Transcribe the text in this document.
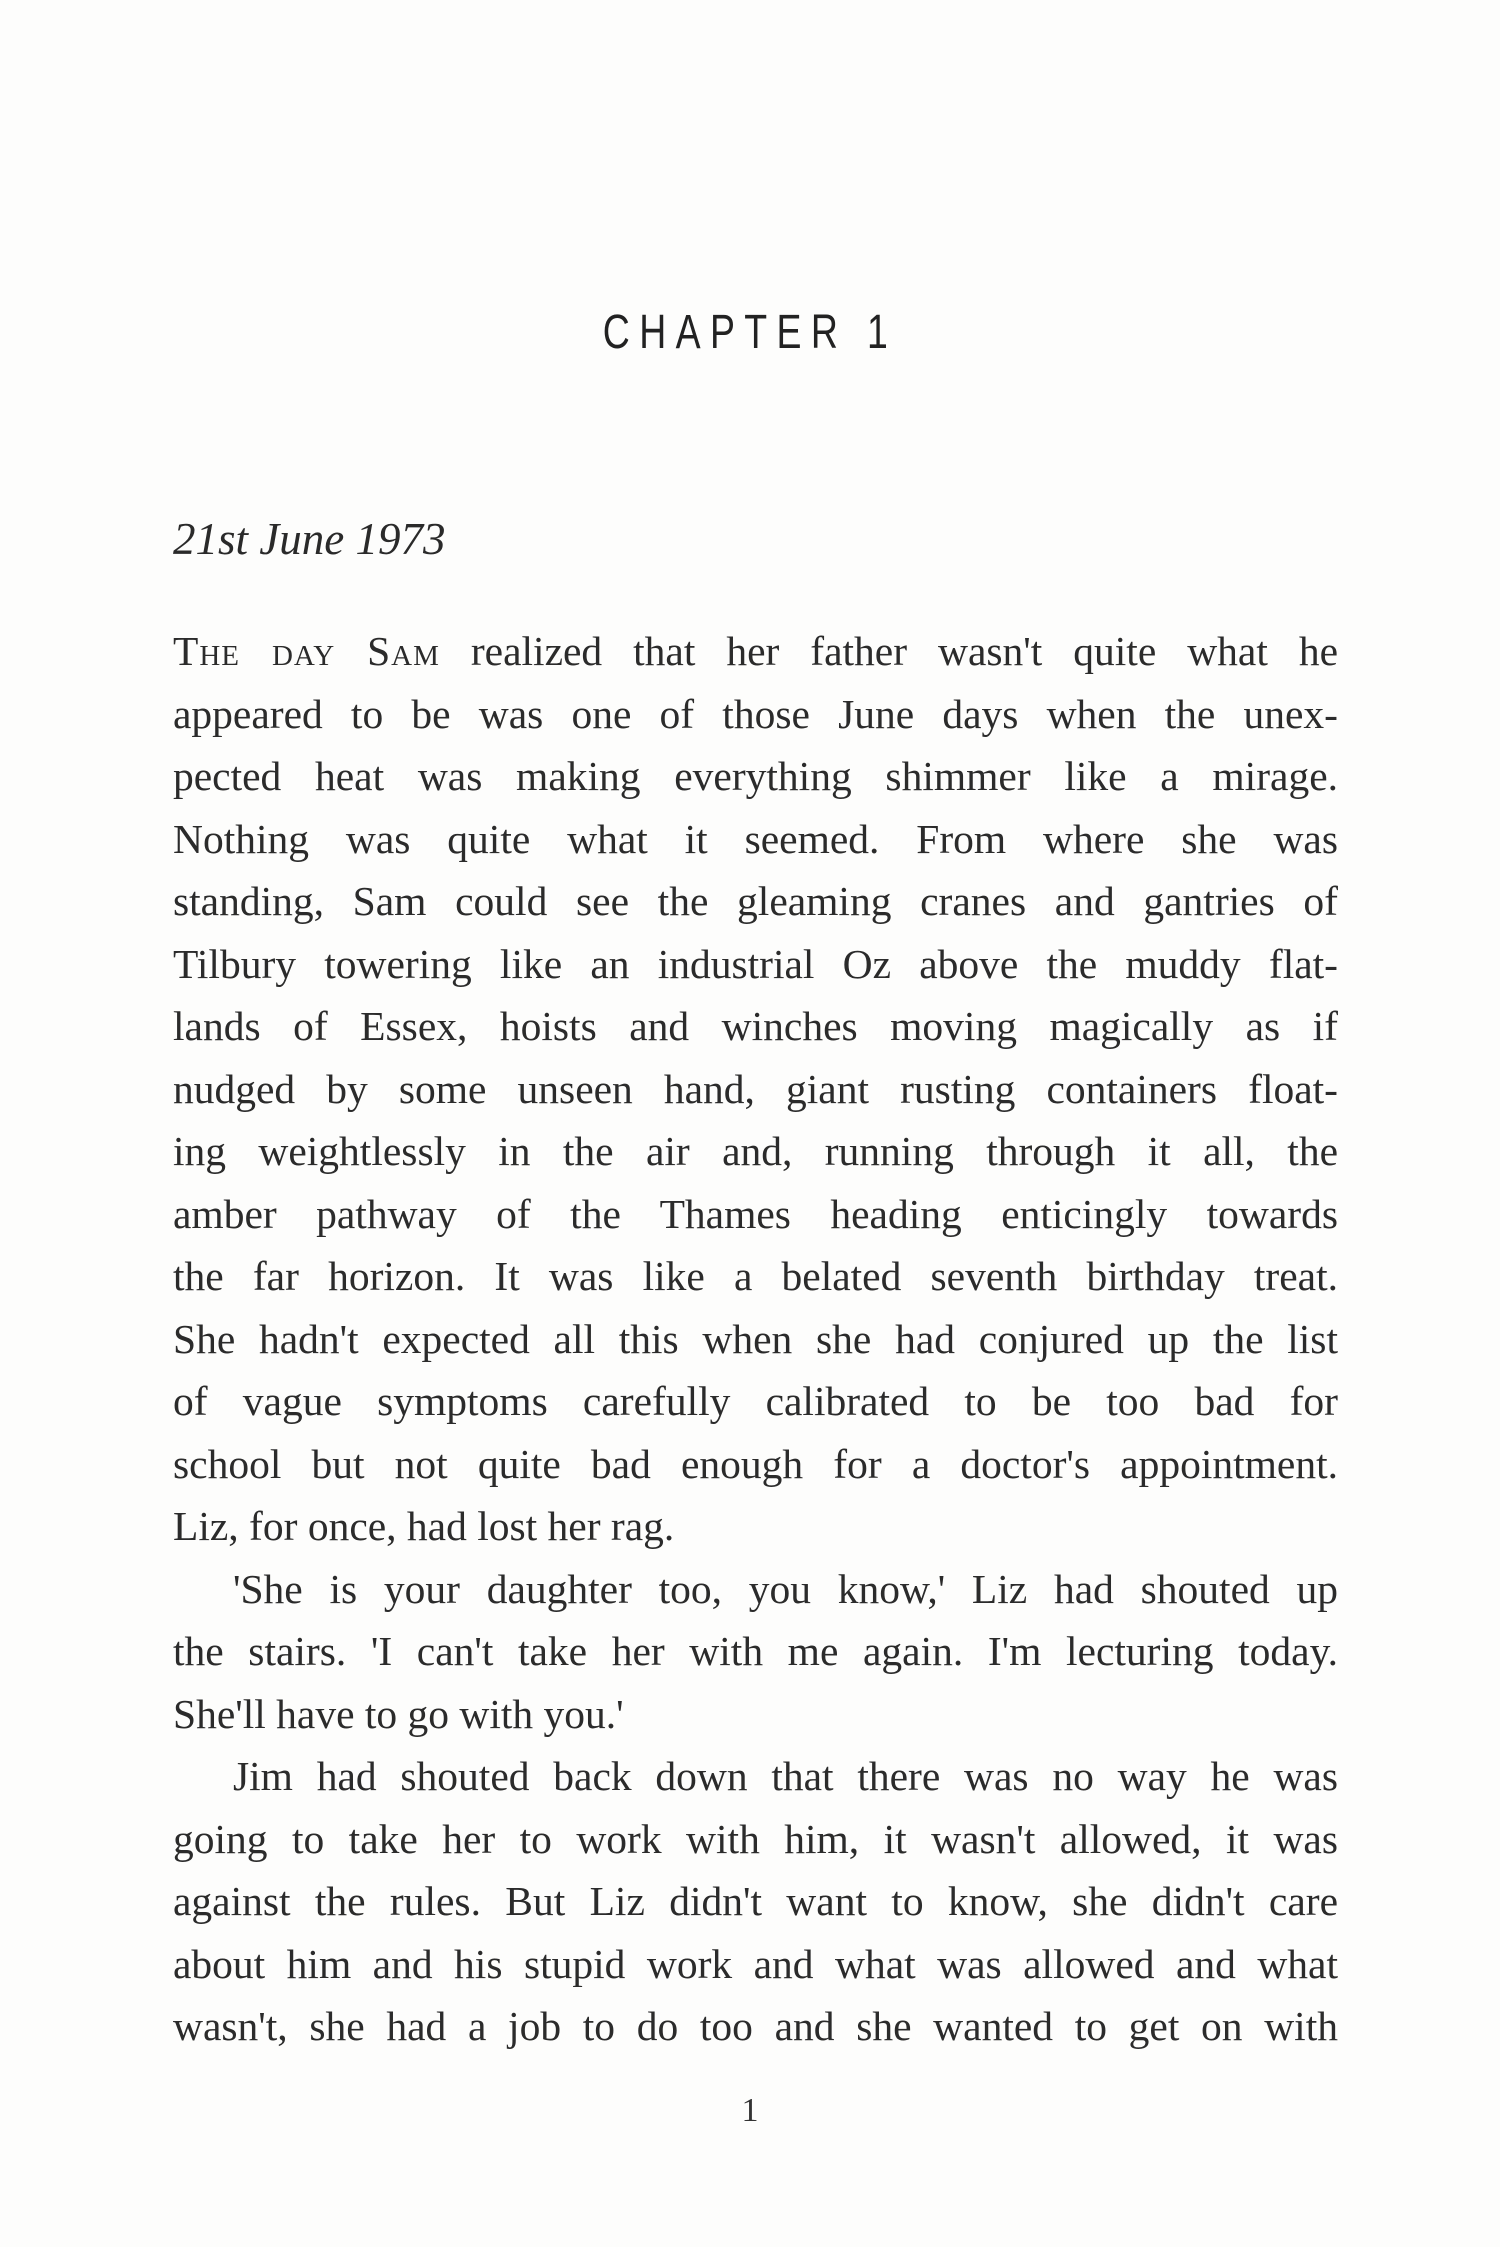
CHAPTER 1
21st June 1973
The day Sam realized that her father wasn't quite what he
appeared to be was one of those June days when the unex-
pected heat was making everything shimmer like a mirage.
Nothing was quite what it seemed. From where she was
standing, Sam could see the gleaming cranes and gantries of
Tilbury towering like an industrial Oz above the muddy flat-
lands of Essex, hoists and winches moving magically as if
nudged by some unseen hand, giant rusting containers float-
ing weightlessly in the air and, running through it all, the
amber pathway of the Thames heading enticingly towards
the far horizon. It was like a belated seventh birthday treat.
She hadn't expected all this when she had conjured up the list
of vague symptoms carefully calibrated to be too bad for
school but not quite bad enough for a doctor's appointment.
Liz, for once, had lost her rag.
'She is your daughter too, you know,' Liz had shouted up
the stairs. 'I can't take her with me again. I'm lecturing today.
She'll have to go with you.'
Jim had shouted back down that there was no way he was
going to take her to work with him, it wasn't allowed, it was
against the rules. But Liz didn't want to know, she didn't care
about him and his stupid work and what was allowed and what
wasn't, she had a job to do too and she wanted to get on with
1
